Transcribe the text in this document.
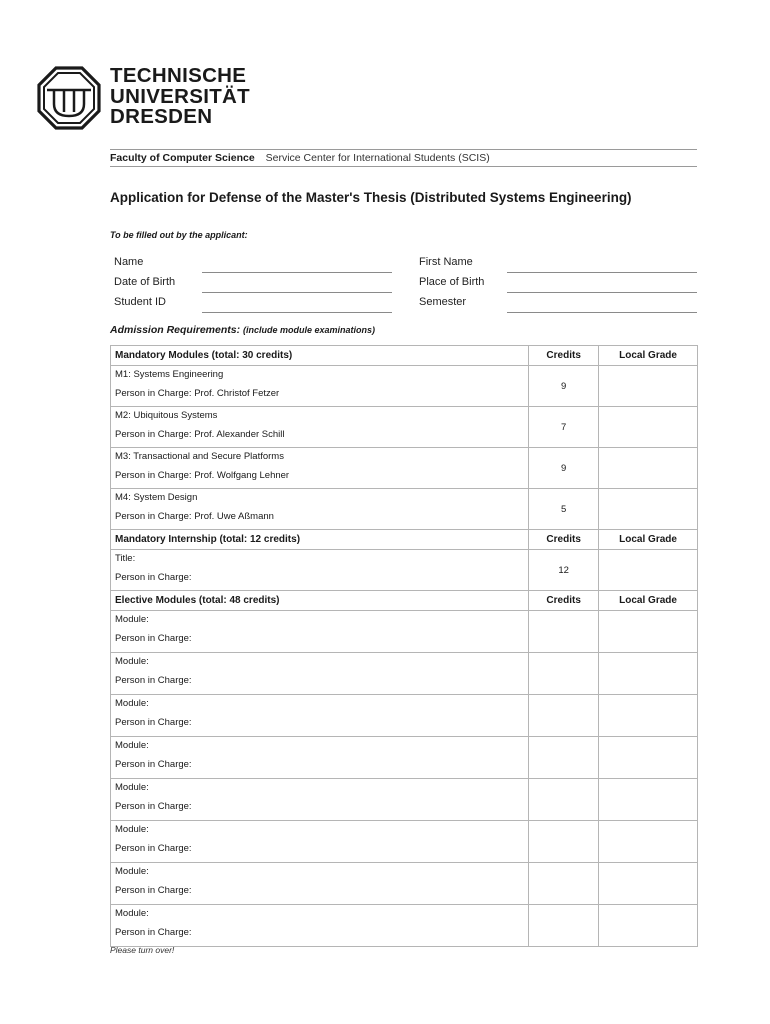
TECHNISCHE
UNIVERSITÄT
DRESDEN
Faculty of Computer Science Service Center for International Students (SCIS)
Application for Defense of the Master's Thesis (Distributed Systems Engineering)
To be filled out by the applicant:
Name	First Name
Date of Birth	Place of Birth
Student ID	Semester
Admission Requirements: (include module examinations)
Mandatory Modules (total: 30 credits)	Credits	Local Grade

M1: Systems Engineering
Person in Charge: Prof. Christof Fetzer	9	

M2: Ubiquitous Systems
Person in Charge: Prof. Alexander Schill	7	

M3: Transactional and Secure Platforms
Person in Charge: Prof. Wolfgang Lehner	9	

M4: System Design
Person in Charge: Prof. Uwe Aßmann	5	
Mandatory Internship (total: 12 credits)	Credits	Local Grade

Title:
Person in Charge:	12	
Elective Modules (total: 48 credits)	Credits	Local Grade

Module:
Person in Charge:		

Module:
Person in Charge:		

Module:
Person in Charge:		

Module:
Person in Charge:		

Module:
Person in Charge:		

Module:
Person in Charge:		

Module:
Person in Charge:		

Module:
Person in Charge:		

Please turn over!
